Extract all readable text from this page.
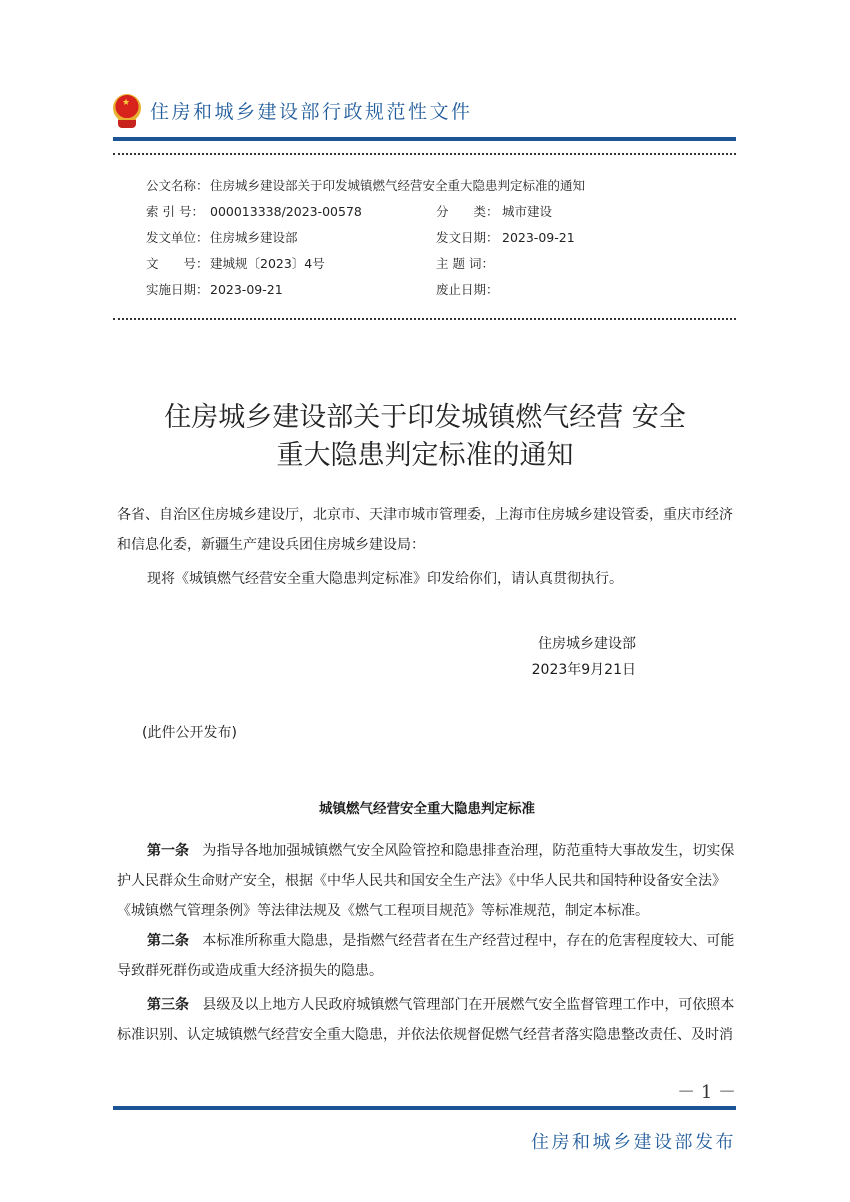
★ 住房和城乡建设部行政规范性文件
公文名称：住房城乡建设部关于印发城镇燃气经营安全重大隐患判定标准的通知
索 引 号： 000013338/2023-00578	分　　类： 城市建设
发文单位：住房城乡建设部	发文日期： 2023-09-21
文　　号：建城规〔2023〕4号	主 题 词：
实施日期：2023-09-21	废止日期：
住房城乡建设部关于印发城镇燃气经营 安全
重大隐患判定标准的通知
各省、自治区住房城乡建设厅，北京市、天津市城市管理委，上海市住房城乡建设管委，重庆市经济和信息化委，新疆生产建设兵团住房城乡建设局：
现将《城镇燃气经营安全重大隐患判定标准》印发给你们，请认真贯彻执行。
住房城乡建设部
2023年9月21日
(此件公开发布)
城镇燃气经营安全重大隐患判定标准
第一条 为指导各地加强城镇燃气安全风险管控和隐患排查治理，防范重特大事故发生，切实保护人民群众生命财产安全，根据《中华人民共和国安全生产法》《中华人民共和国特种设备安全法》《城镇燃气管理条例》等法律法规及《燃气工程项目规范》等标准规范，制定本标准。
第二条 本标准所称重大隐患，是指燃气经营者在生产经营过程中，存在的危害程度较大、可能导致群死群伤或造成重大经济损失的隐患。
第三条 县级及以上地方人民政府城镇燃气管理部门在开展燃气安全监督管理工作中，可依照本标准识别、认定城镇燃气经营安全重大隐患，并依法依规督促燃气经营者落实隐患整改责任、及时消
－ 1 －
住房和城乡建设部发布
